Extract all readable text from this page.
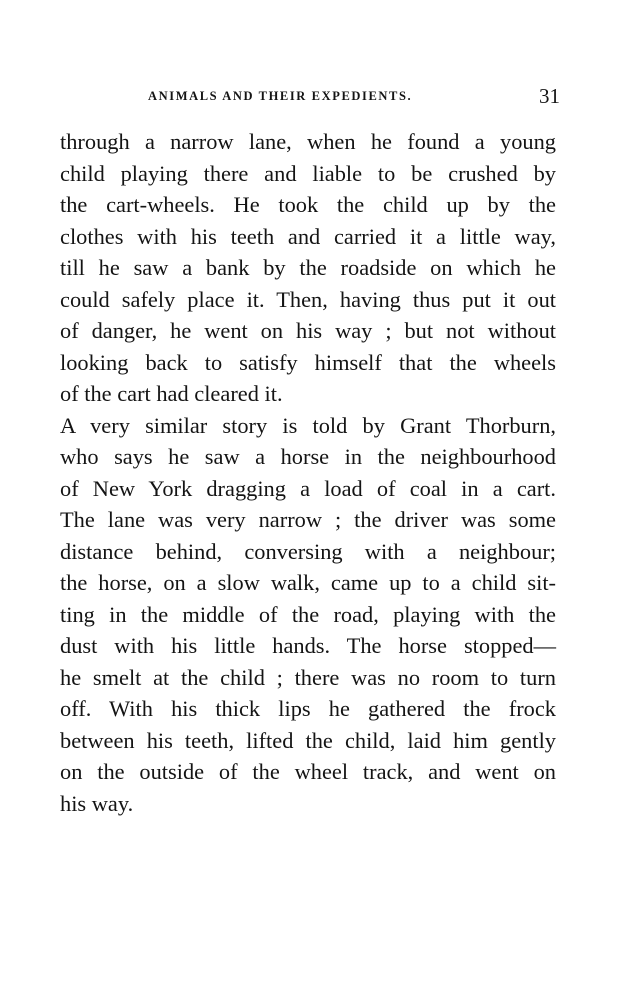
ANIMALS AND THEIR EXPEDIENTS.	31
through a narrow lane, when he found a young
child playing there and liable to be crushed by
the cart-wheels. He took the child up by the
clothes with his teeth and carried it a little way,
till he saw a bank by the roadside on which he
could safely place it. Then, having thus put it out
of danger, he went on his way ; but not without
looking back to satisfy himself that the wheels
of the cart had cleared it.
A very similar story is told by Grant Thorburn,
who says he saw a horse in the neighbourhood
of New York dragging a load of coal in a cart.
The lane was very narrow ; the driver was some
distance behind, conversing with a neighbour;
the horse, on a slow walk, came up to a child sit-
ting in the middle of the road, playing with the
dust with his little hands. The horse stopped—
he smelt at the child ; there was no room to turn
off. With his thick lips he gathered the frock
between his teeth, lifted the child, laid him gently
on the outside of the wheel track, and went on
his way.
